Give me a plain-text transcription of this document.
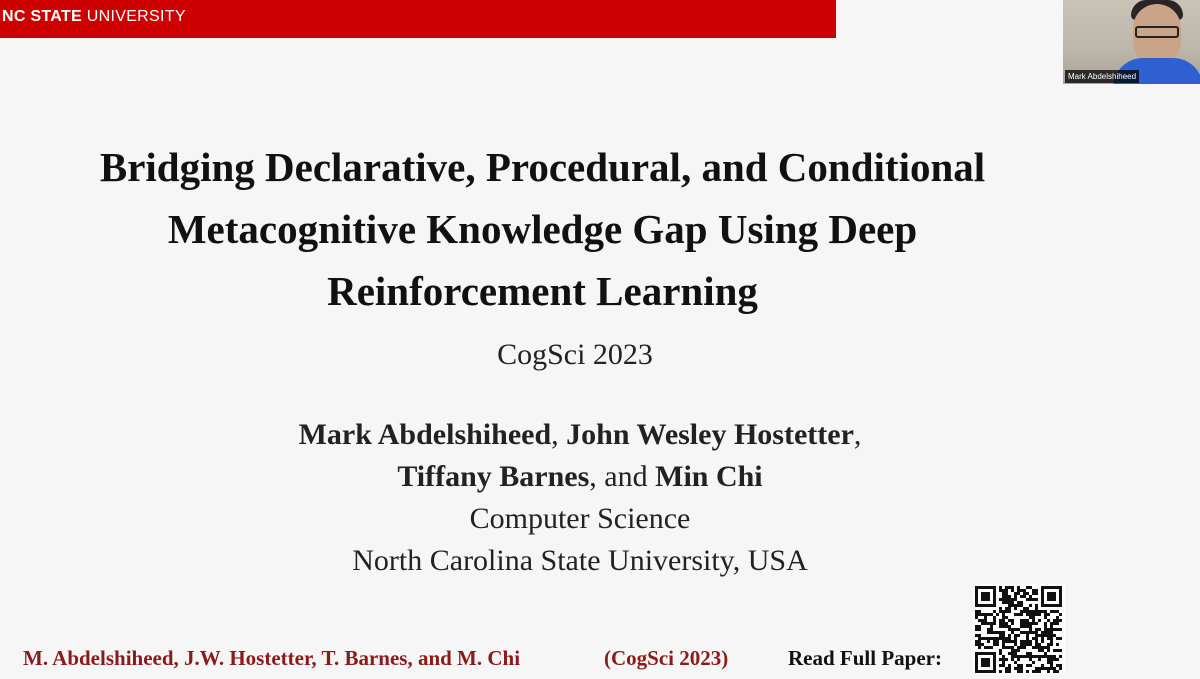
NC STATE UNIVERSITY
Mark Abdelshiheed
Bridging Declarative, Procedural, and Conditional
Metacognitive Knowledge Gap Using Deep
Reinforcement Learning
CogSci 2023
Mark Abdelshiheed, John Wesley Hostetter,
Tiffany Barnes, and Min Chi
Computer Science
North Carolina State University, USA
M. Abdelshiheed, J.W. Hostetter, T. Barnes, and M. Chi	(CogSci 2023)	Read Full Paper:
